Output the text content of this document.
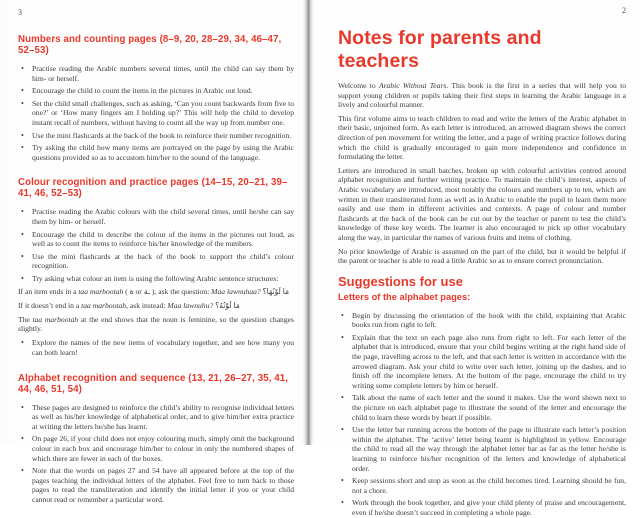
3
Numbers and counting pages (8–9, 20, 28–29, 34, 46–47, 52–53)
• Practise reading the Arabic numbers several times, until the child can say them by him- or herself.
• Encourage the child to count the items in the pictures in Arabic out loud.
• Set the child small challenges, such as asking, ‘Can you count backwards from five to one?’ or ‘How many fingers am I holding up?’ This will help the child to develop instant recall of numbers, without having to count all the way up from number one.
• Use the mini flashcards at the back of the book to reinforce their number recognition.
• Try asking the child how many items are portrayed on the page by using the Arabic questions provided so as to accustom him/her to the sound of the language.
Colour recognition and practice pages (14–15, 20–21, 39–41, 46, 52–53)
• Practise reading the Arabic colours with the child several times, until he/she can say them by him- or herself.
• Encourage the child to describe the colour of the items in the pictures out loud, as well as to count the items to reinforce his/her knowledge of the numbers.
• Use the mini flashcards at the back of the book to support the child’s colour recognition.
• Try asking what colour an item is using the following Arabic sentence structures:
If an item ends in a taa marbootah ( ة or ـة ), ask the question: Maa lawnuhaa? مَا لَوْنُهَا؟
If it doesn’t end in a taa marbootah, ask instead: Maa lawnuhu? مَا لَوْنُهُ؟
The taa marbootah at the end shows that the noun is feminine, so the question changes slightly.
• Explore the names of the new items of vocabulary together, and see how many you can both learn!
Alphabet recognition and sequence (13, 21, 26–27, 35, 41, 44, 46, 51, 54)
• These pages are designed to reinforce the child’s ability to recognise individual letters as well as his/her knowledge of alphabetical order, and to give him/her extra practice at writing the letters he/she has learnt.
• On page 26, if your child does not enjoy colouring much, simply omit the background colour in each box and encourage him/her to colour in only the numbered shapes of which there are fewer in each of the boxes.
• Note that the words on pages 27 and 54 have all appeared before at the top of the pages teaching the individual letters of the alphabet. Feel free to turn back to those pages to read the transliteration and identify the initial letter if you or your child cannot read or remember a particular word.
2
Notes for parents and teachers

Welcome to Arabic Without Tears. This book is the first in a series that will help you to support young children or pupils taking their first steps in learning the Arabic language in a lively and colourful manner.

This first volume aims to teach children to read and write the letters of the Arabic alphabet in their basic, unjoined form. As each letter is introduced, an arrowed diagram shows the correct direction of pen movement for writing the letter, and a page of writing practice follows during which the child is gradually encouraged to gain more independence and confidence in formulating the letter.

Letters are introduced in small batches, broken up with colourful activities centred around alphabet recognition and further writing practice. To maintain the child’s interest, aspects of Arabic vocabulary are introduced, most notably the colours and numbers up to ten, which are written in their transliterated form as well as in Arabic to enable the pupil to learn them more easily and use them in different activities and contexts. A page of colour and number flashcards at the back of the book can be cut out by the teacher or parent to test the child’s knowledge of these key words. The learner is also encouraged to pick up other vocabulary along the way, in particular the names of various fruits and items of clothing.

No prior knowledge of Arabic is assumed on the part of the child, but it would be helpful if the parent or teacher is able to read a little Arabic so as to ensure correct pronunciation.

Suggestions for use
Letters of the alphabet pages:
• Begin by discussing the orientation of the book with the child, explaining that Arabic books run from right to left.
• Explain that the text on each page also runs from right to left. For each letter of the alphabet that is introduced, ensure that your child begins writing at the right hand side of the page, travelling across to the left, and that each letter is written in accordance with the arrowed diagram. Ask your child to write over each letter, joining up the dashes, and to finish off the incomplete letters. At the bottom of the page, encourage the child to try writing some complete letters by him or herself.
• Talk about the name of each letter and the sound it makes. Use the word shown next to the picture on each alphabet page to illustrate the sound of the letter and encourage the child to learn these words by heart if possible.
• Use the letter bar running across the bottom of the page to illustrate each letter’s position within the alphabet. The ‘active’ letter being learnt is highlighted in yellow. Encourage the child to read all the way through the alphabet letter bar as far as the letter he/she is learning to reinforce his/her recognition of the letters and knowledge of alphabetical order.
• Keep sessions short and stop as soon as the child becomes tired. Learning should be fun, not a chore.
• Work through the book together, and give your child plenty of praise and encouragement, even if he/she doesn’t succeed in completing a whole page.
